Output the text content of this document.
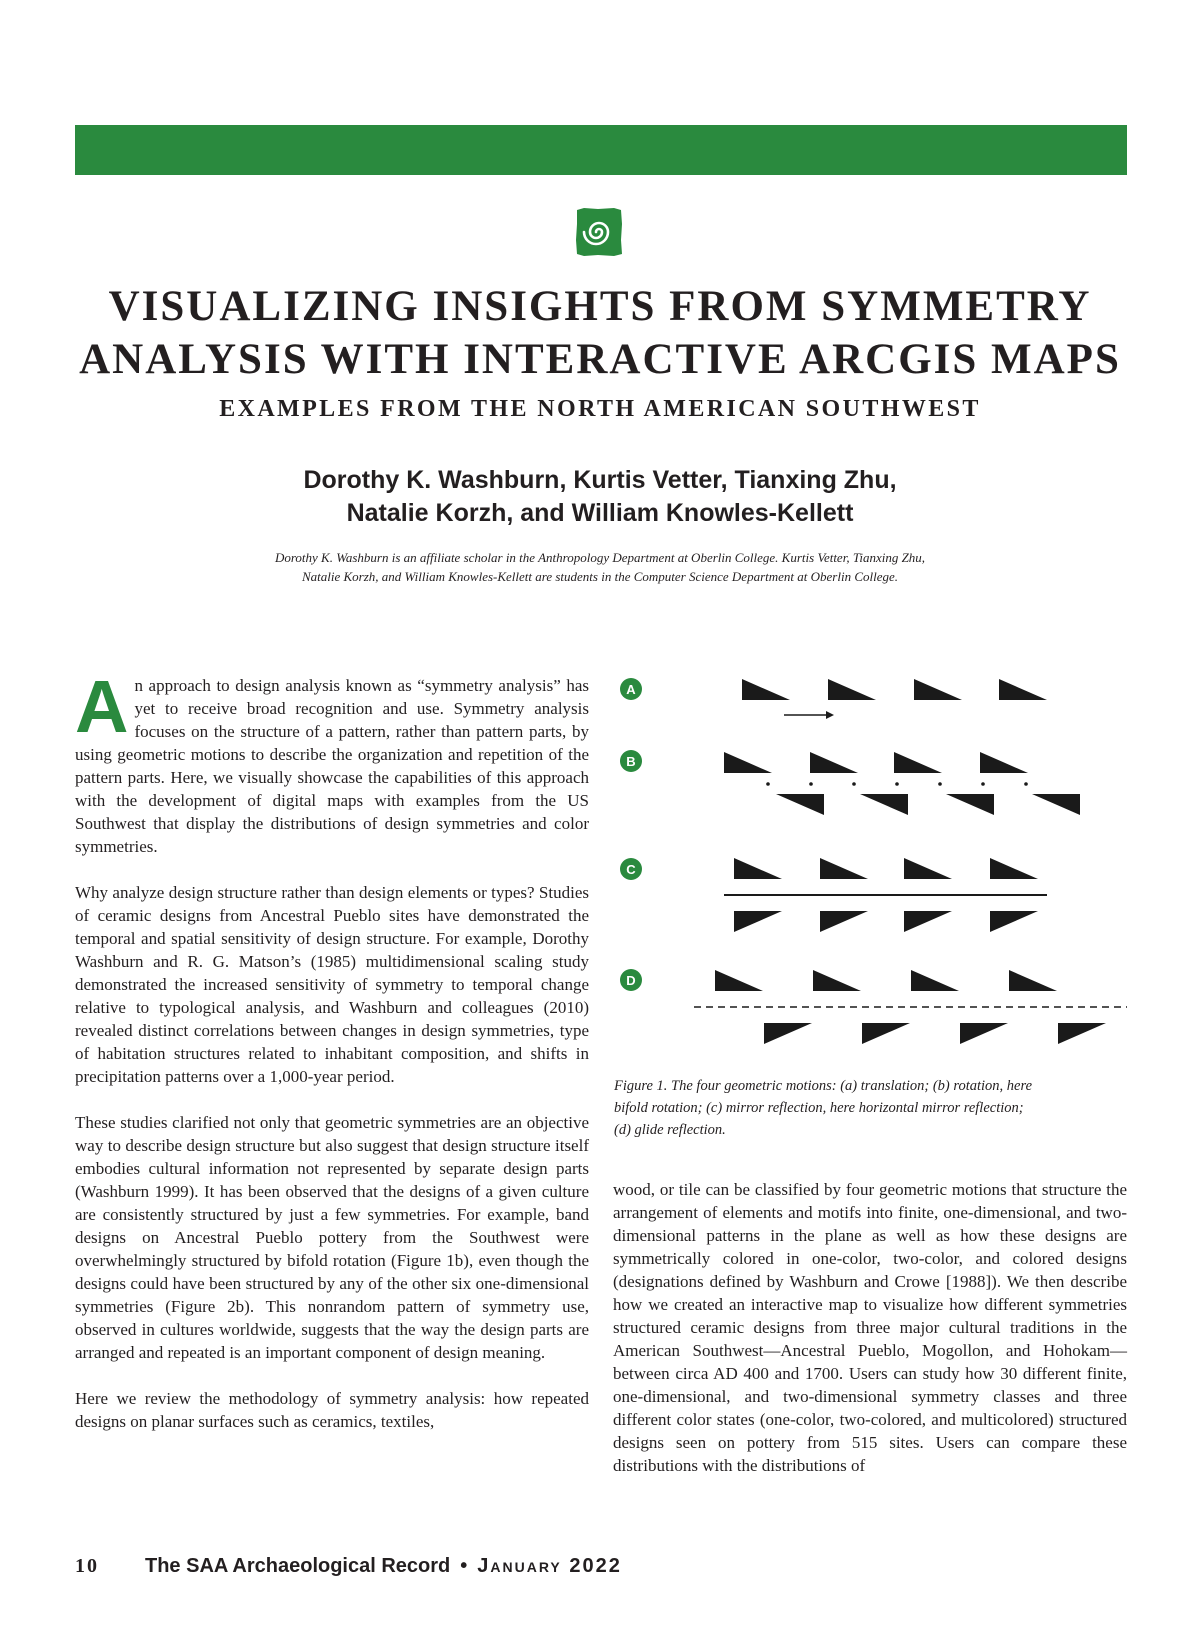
VISUALIZING INSIGHTS FROM SYMMETRY
ANALYSIS WITH INTERACTIVE ARCGIS MAPS
EXAMPLES FROM THE NORTH AMERICAN SOUTHWEST
Dorothy K. Washburn, Kurtis Vetter, Tianxing Zhu,
Natalie Korzh, and William Knowles-Kellett
Dorothy K. Washburn is an affiliate scholar in the Anthropology Department at Oberlin College. Kurtis Vetter, Tianxing Zhu,
Natalie Korzh, and William Knowles-Kellett are students in the Computer Science Department at Oberlin College.

An approach to design analysis known as “symmetry analysis” has yet to receive broad recognition and use. Symmetry analysis focuses on the structure of a pattern, rather than pattern parts, by using geometric motions to describe the organization and repetition of the pattern parts. Here, we visually showcase the capabilities of this approach with the development of digital maps with examples from the US Southwest that display the distributions of design symmetries and color symmetries.

Why analyze design structure rather than design elements or types? Studies of ceramic designs from Ancestral Pueblo sites have demonstrated the temporal and spatial sensitivity of design structure. For example, Dorothy Washburn and R. G. Matson’s (1985) multidimensional scaling study demonstrated the increased sensitivity of symmetry to temporal change relative to typological analysis, and Washburn and colleagues (2010) revealed distinct correlations between changes in design symmetries, type of habitation structures related to inhabitant composition, and shifts in precipitation patterns over a 1,000-year period.

These studies clarified not only that geometric symmetries are an objective way to describe design structure but also suggest that design structure itself embodies cultural information not represented by separate design parts (Washburn 1999). It has been observed that the designs of a given culture are consistently structured by just a few symmetries. For example, band designs on Ancestral Pueblo pottery from the Southwest were overwhelmingly structured by bifold rotation (Figure 1b), even though the designs could have been structured by any of the other six one-dimensional symmetries (Figure 2b). This nonrandom pattern of symmetry use, observed in cultures worldwide, suggests that the way the design parts are arranged and repeated is an important component of design meaning.

Here we review the methodology of symmetry analysis: how repeated designs on planar surfaces such as ceramics, textiles,

A
B
C
D
Figure 1. The four geometric motions: (a) translation; (b) rotation, here
bifold rotation; (c) mirror reflection, here horizontal mirror reflection;
(d) glide reflection.

wood, or tile can be classified by four geometric motions that structure the arrangement of elements and motifs into finite, one-dimensional, and two-dimensional patterns in the plane as well as how these designs are symmetrically colored in one-color, two-color, and colored designs (designations defined by Washburn and Crowe [1988]). We then describe how we created an interactive map to visualize how different symmetries structured ceramic designs from three major cultural traditions in the American Southwest—Ancestral Pueblo, Mogollon, and Hohokam—between circa AD 400 and 1700. Users can study how 30 different finite, one-dimensional, and two-dimensional symmetry classes and three different color states (one-color, two-colored, and multicolored) structured designs seen on pottery from 515 sites. Users can compare these distributions with the distributions of

10 The SAA Archaeological Record • January 2022
